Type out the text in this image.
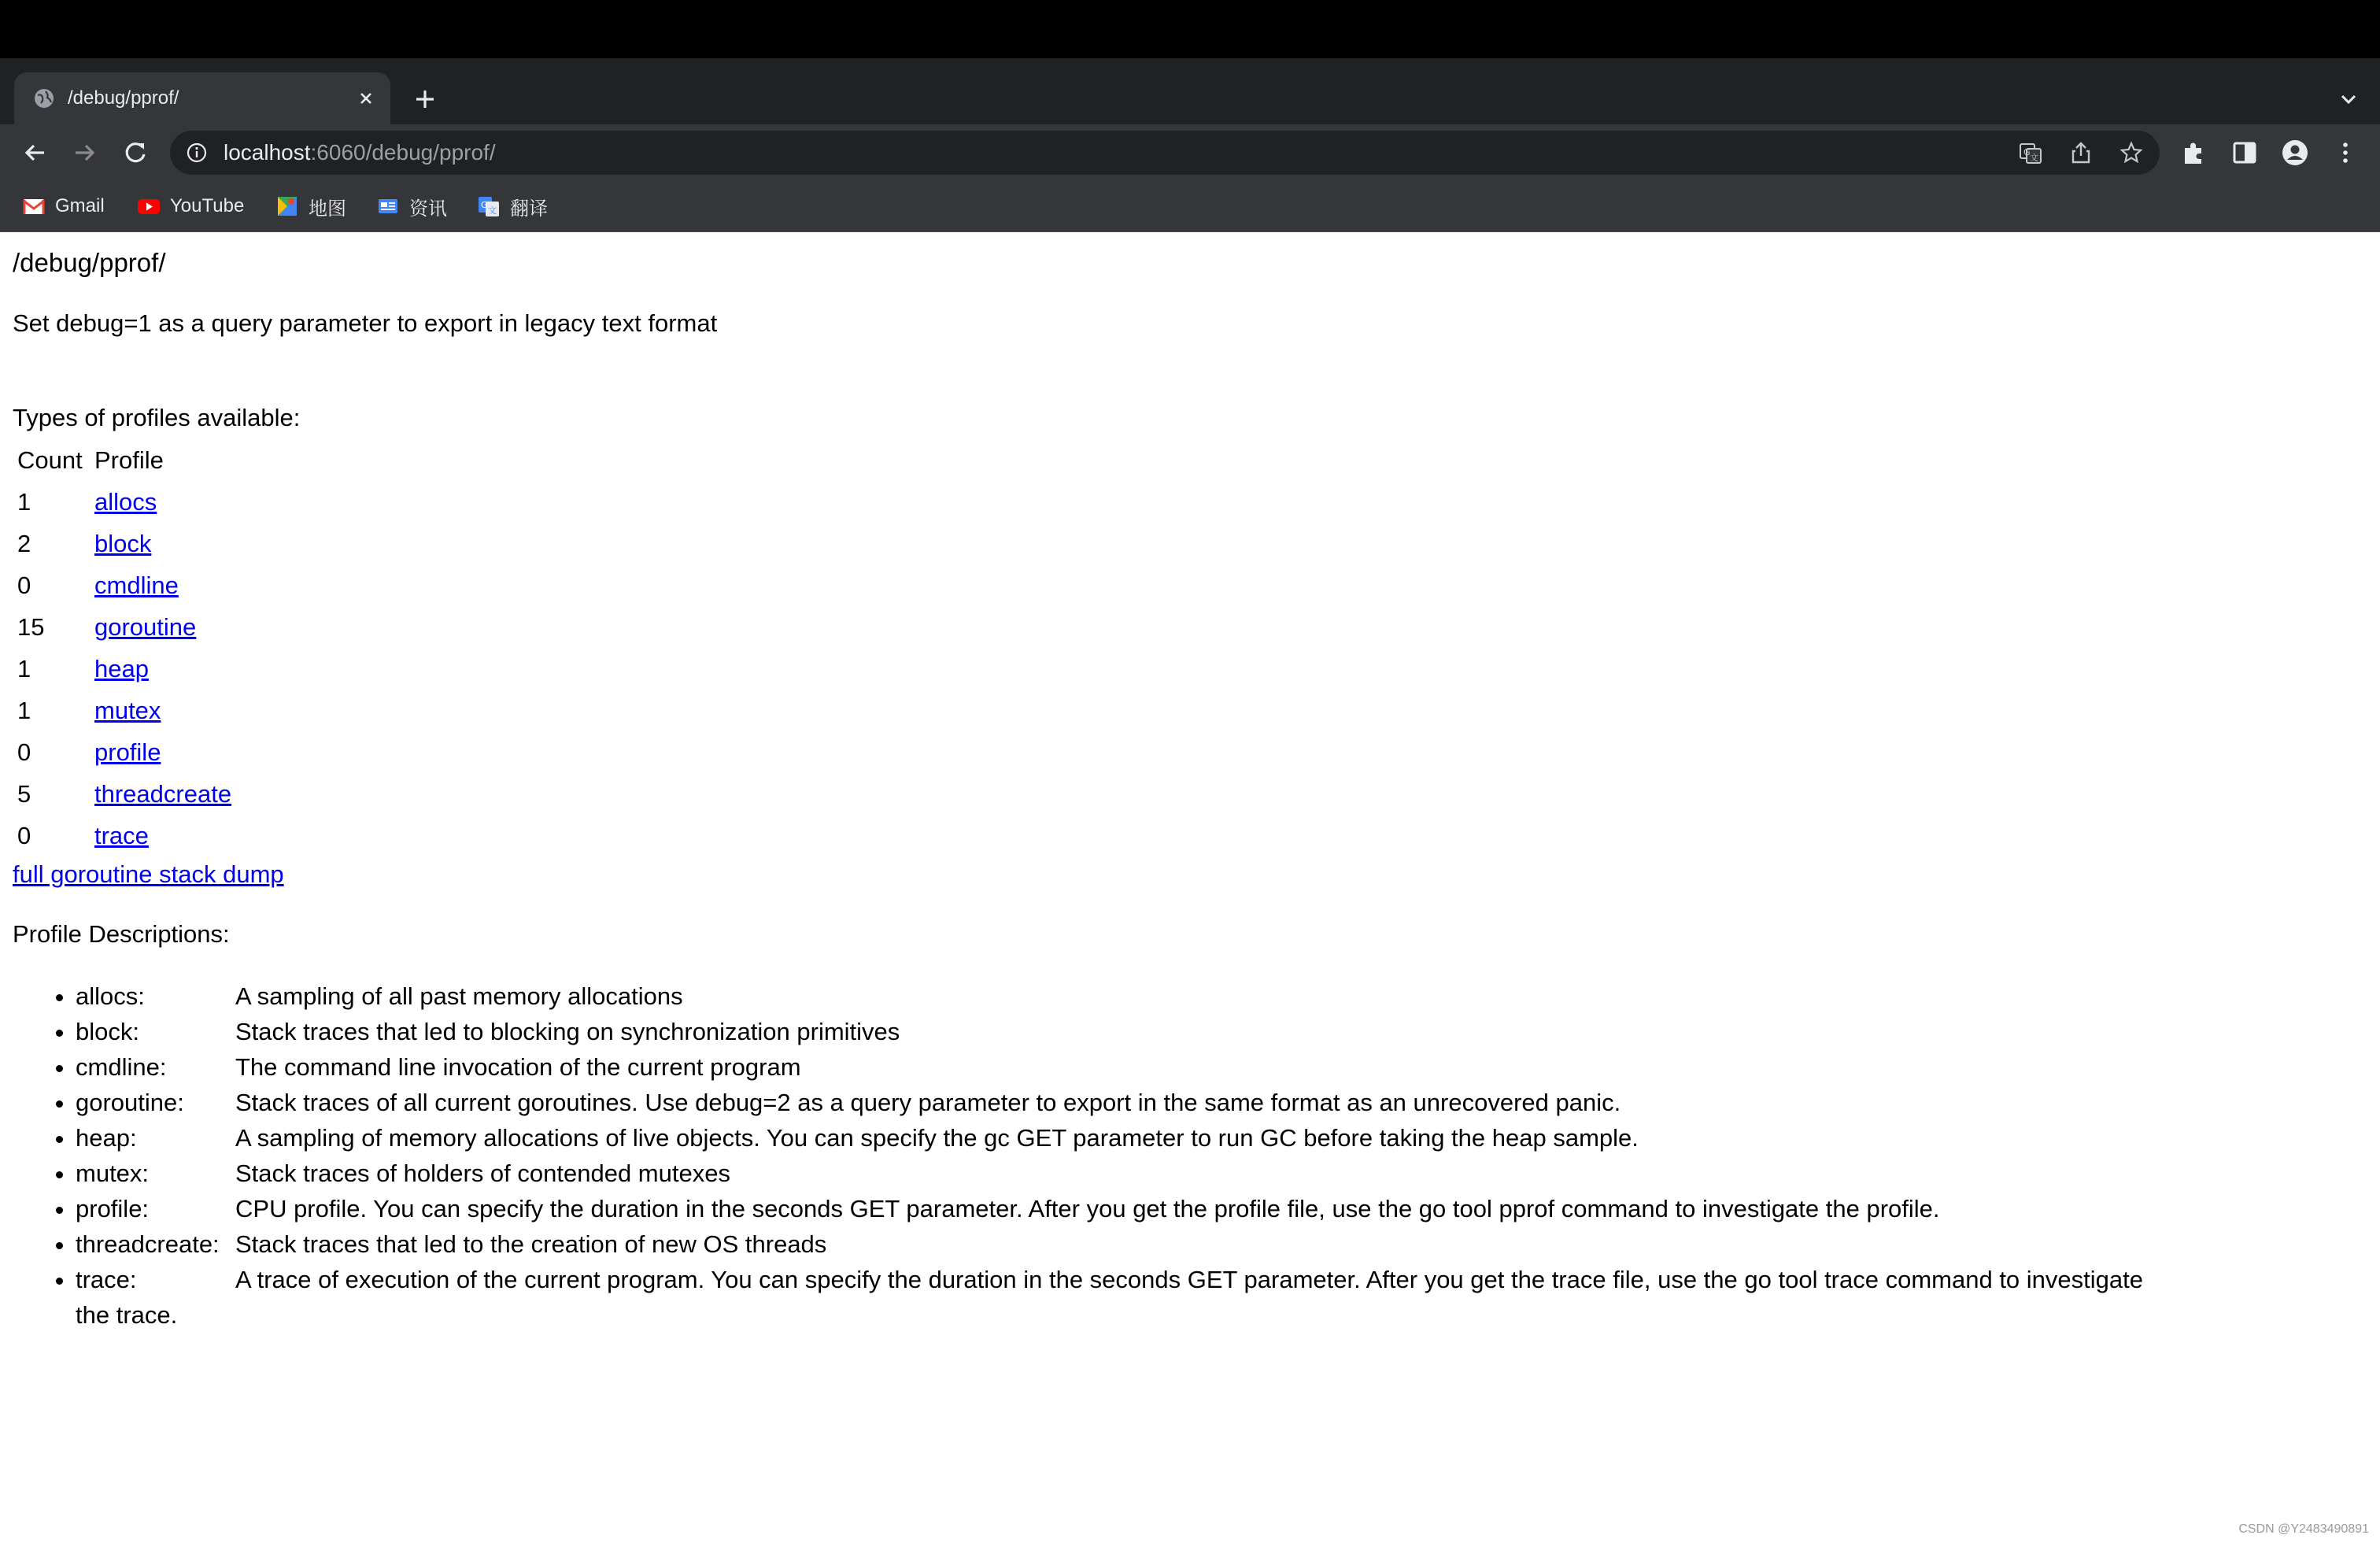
/debug/pprof/
localhost:6060/debug/pprof/	G
文
Gmail	YouTube	地图	资讯	G
文 翻译
/debug/pprof/
Set debug=1 as a query parameter to export in legacy text format
Types of profiles available:
Count	Profile
1	allocs
2	block
0	cmdline
15	goroutine
1	heap
1	mutex
0	profile
5	threadcreate
0	trace
full goroutine stack dump
Profile Descriptions:
• allocs:	A sampling of all past memory allocations
• block:	Stack traces that led to blocking on synchronization primitives
• cmdline:	The command line invocation of the current program
• goroutine:	Stack traces of all current goroutines. Use debug=2 as a query parameter to export in the same format as an unrecovered panic.
• heap:	A sampling of memory allocations of live objects. You can specify the gc GET parameter to run GC before taking the heap sample.
• mutex:	Stack traces of holders of contended mutexes
• profile:	CPU profile. You can specify the duration in the seconds GET parameter. After you get the profile file, use the go tool pprof command to investigate the profile.
• threadcreate: Stack traces that led to the creation of new OS threads
• trace:	A trace of execution of the current program. You can specify the duration in the seconds GET parameter. After you get the trace file, use the go tool trace command to investigate
the trace.
CSDN @Y2483490891
